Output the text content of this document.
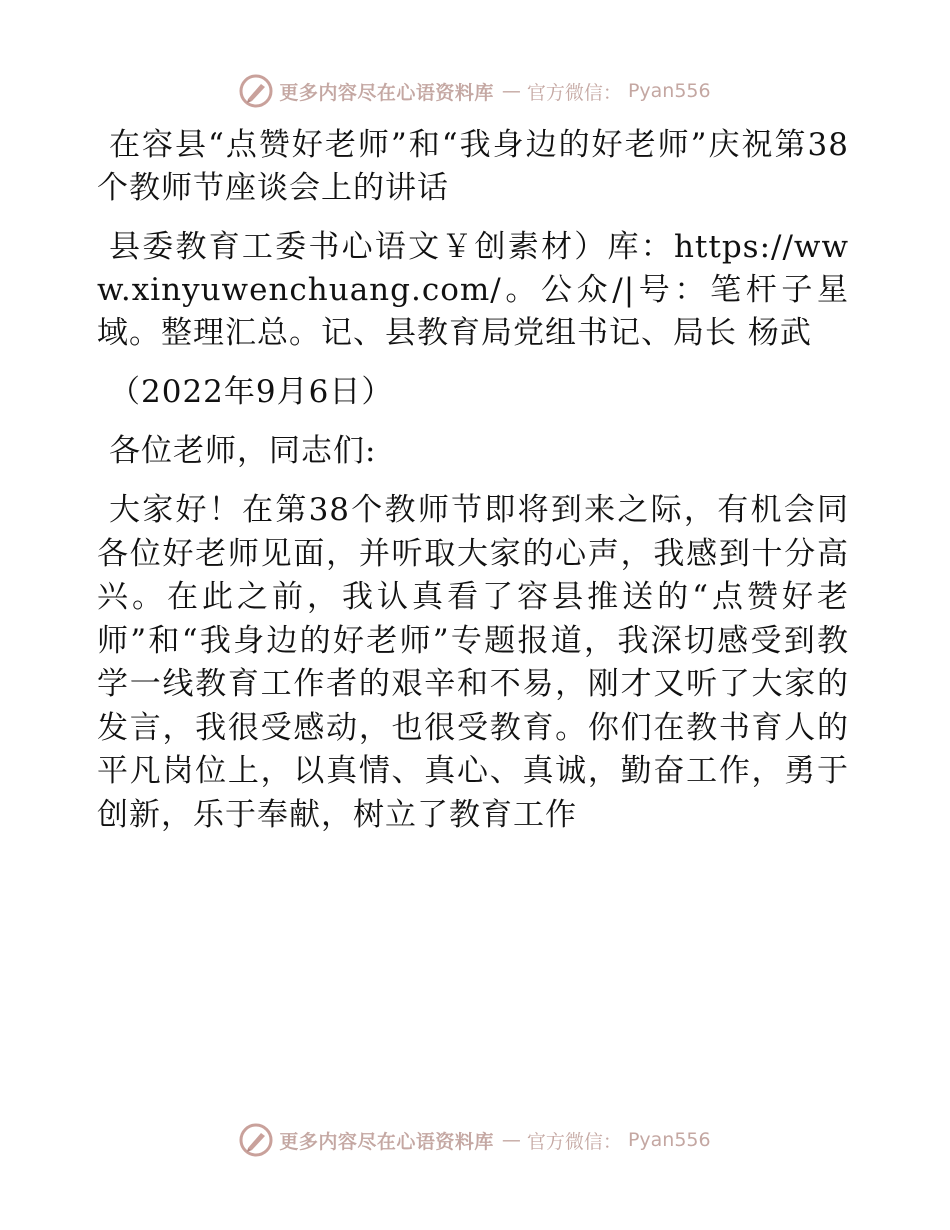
更多内容尽在心语资料库 — 官方微信： Pyan556

在容县“点赞好老师”和“我身边的好老师”庆祝第38个教师节座谈会上的讲话

县委教育工委书心语文￥创素材）库：https://www.xinyuwenchuang.com/。公众/|号：笔杆子星域。整理汇总。记、县教育局党组书记、局长 杨武

（2022年9月6日）

各位老师，同志们:

大家好！在第38个教师节即将到来之际，有机会同各位好老师见面，并听取大家的心声，我感到十分高兴。在此之前，我认真看了容县推送的“点赞好老师”和“我身边的好老师”专题报道，我深切感受到教学一线教育工作者的艰辛和不易，刚才又听了大家的发言，我很受感动，也很受教育。你们在教书育人的平凡岗位上，以真情、真心、真诚，勤奋工作，勇于创新，乐于奉献，树立了教育工作

更多内容尽在心语资料库 — 官方微信： Pyan556
